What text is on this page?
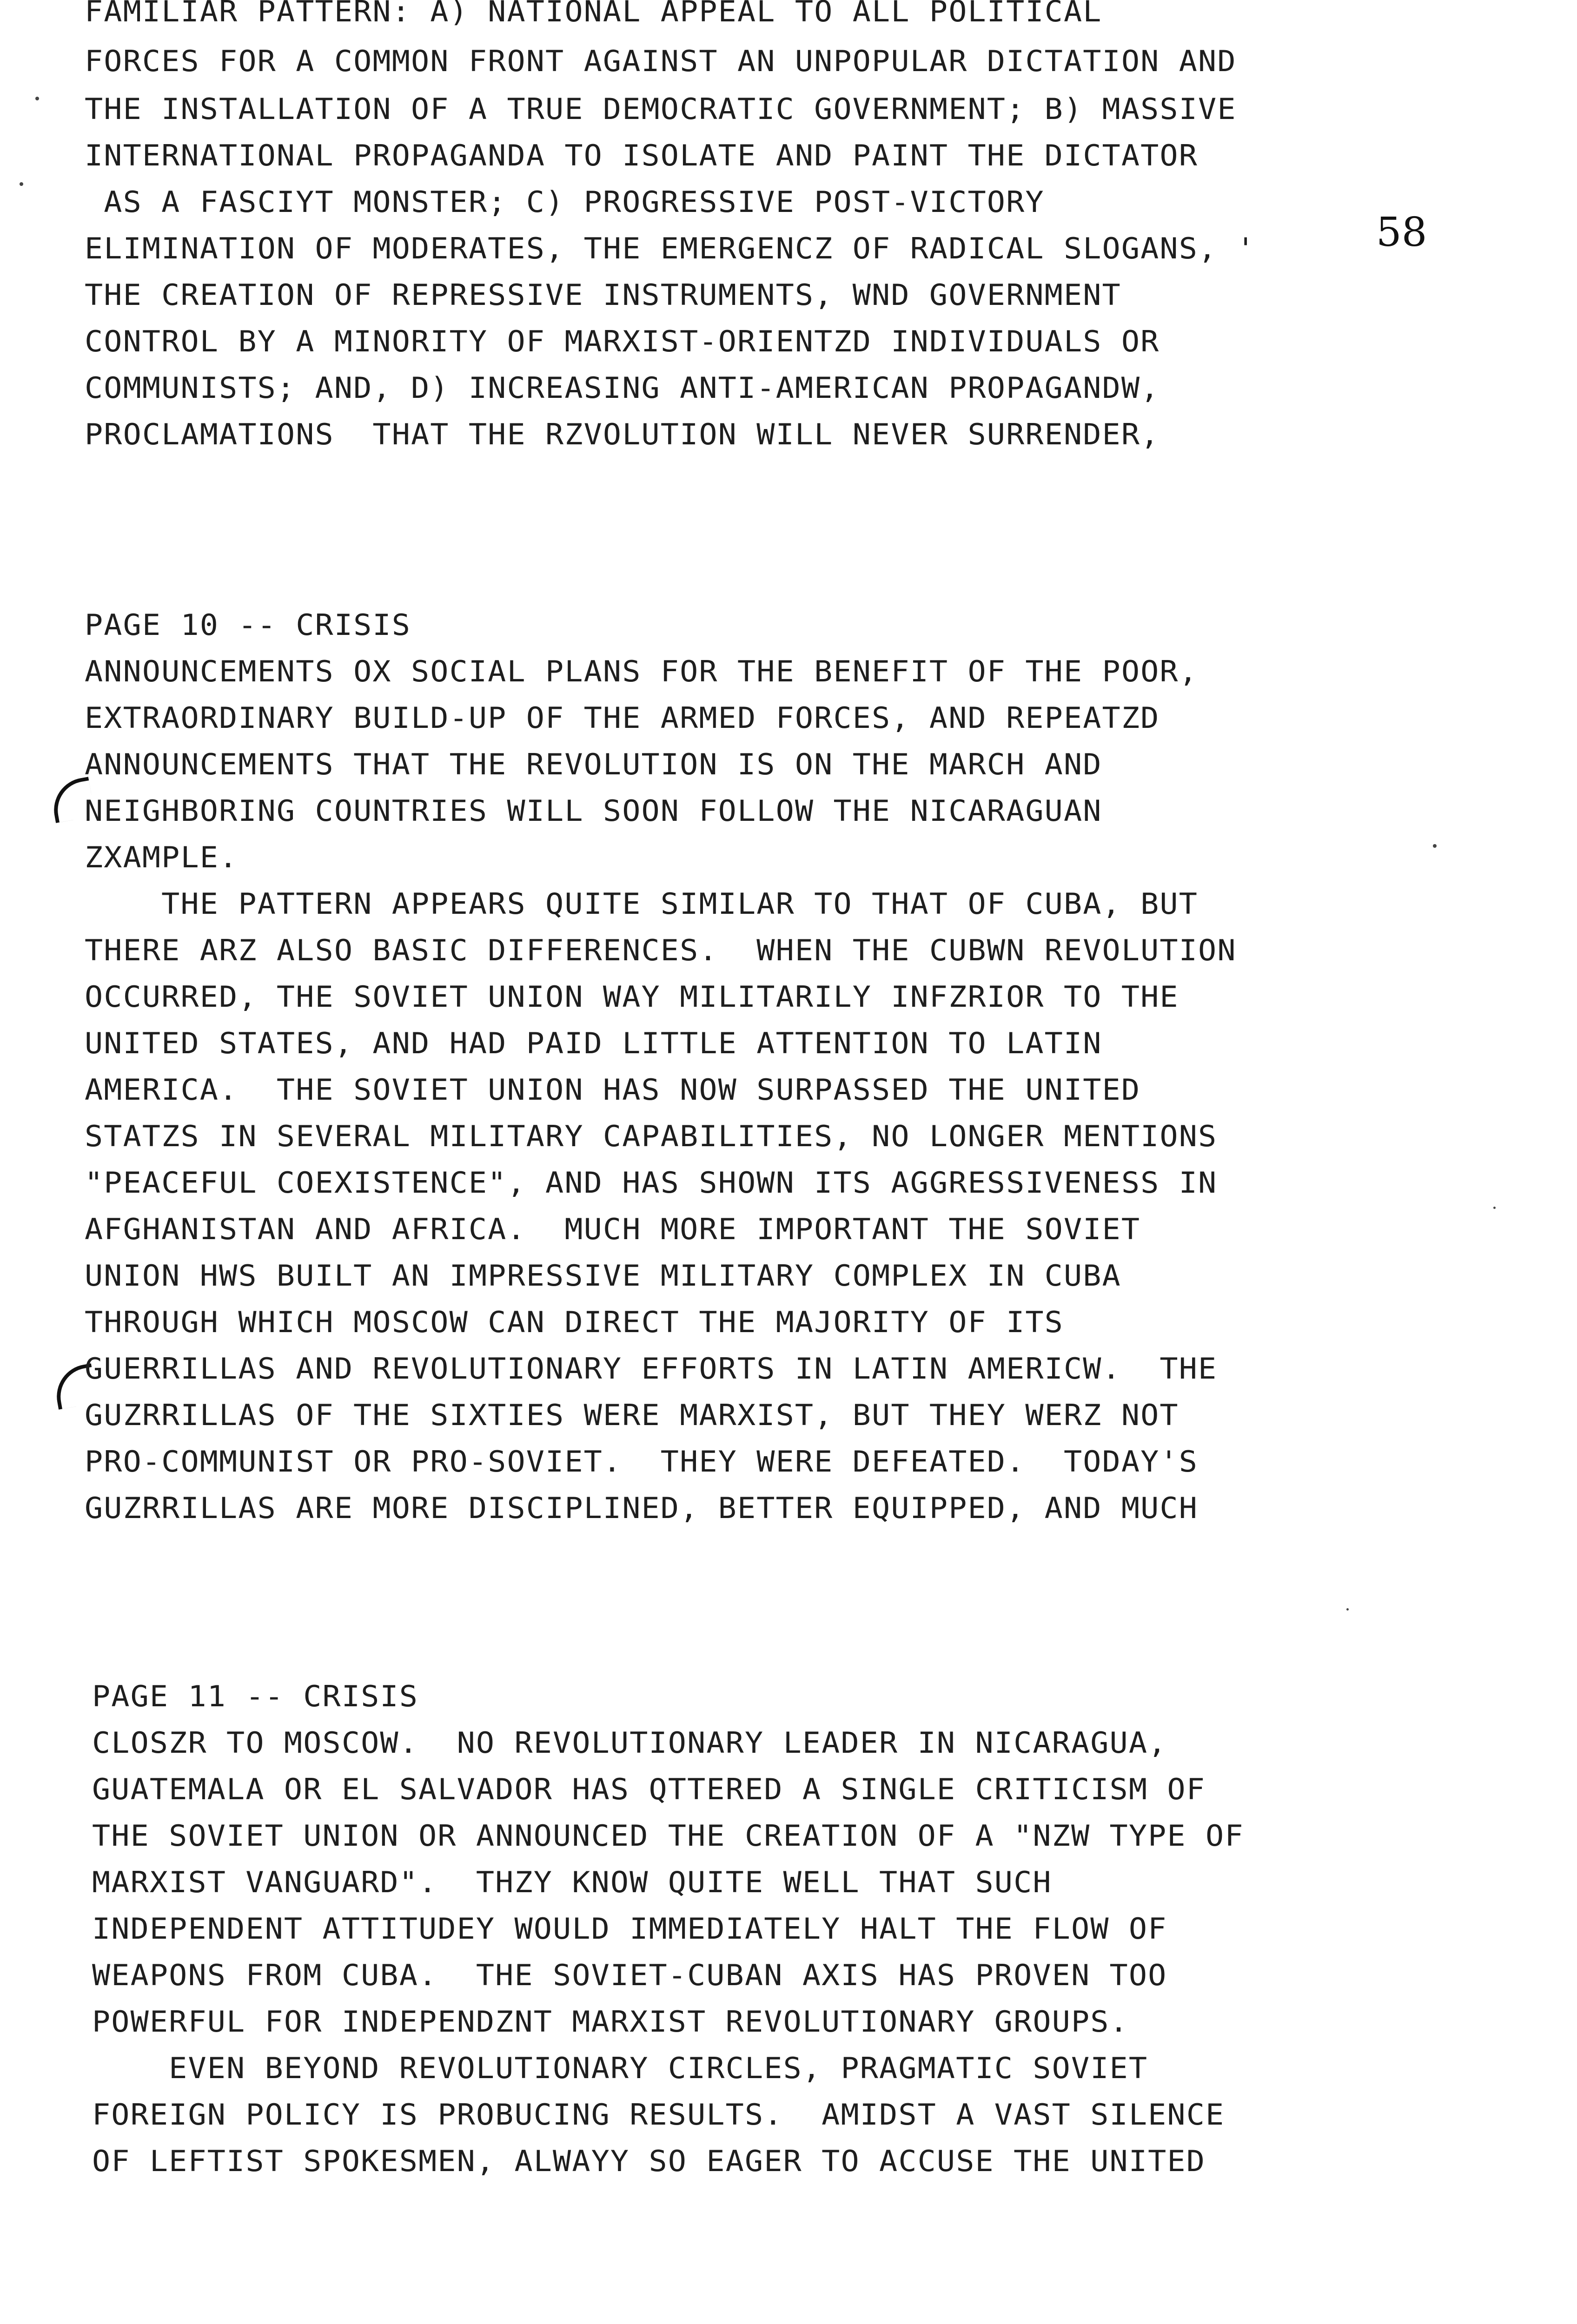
58
FAMILIAR PATTERN: A) NATIONAL APPEAL TO ALL POLITICAL
FORCES FOR A COMMON FRONT AGAINST AN UNPOPULAR DICTATION AND
THE INSTALLATION OF A TRUE DEMOCRATIC GOVERNMENT; B) MASSIVE
INTERNATIONAL PROPAGANDA TO ISOLATE AND PAINT THE DICTATOR
AS A FASCIYT MONSTER; C) PROGRESSIVE POST-VICTORY
ELIMINATION OF MODERATES, THE EMERGENCZ OF RADICAL SLOGANS, '
THE CREATION OF REPRESSIVE INSTRUMENTS, WND GOVERNMENT
CONTROL BY A MINORITY OF MARXIST-ORIENTZD INDIVIDUALS OR
COMMUNISTS; AND, D) INCREASING ANTI-AMERICAN PROPAGANDW,
PROCLAMATIONS  THAT THE RZVOLUTION WILL NEVER SURRENDER,
PAGE 10 -- CRISIS
ANNOUNCEMENTS OX SOCIAL PLANS FOR THE BENEFIT OF THE POOR,
EXTRAORDINARY BUILD-UP OF THE ARMED FORCES, AND REPEATZD
ANNOUNCEMENTS THAT THE REVOLUTION IS ON THE MARCH AND
NEIGHBORING COUNTRIES WILL SOON FOLLOW THE NICARAGUAN
ZXAMPLE.
THE PATTERN APPEARS QUITE SIMILAR TO THAT OF CUBA, BUT
THERE ARZ ALSO BASIC DIFFERENCES.  WHEN THE CUBWN REVOLUTION
OCCURRED, THE SOVIET UNION WAY MILITARILY INFZRIOR TO THE
UNITED STATES, AND HAD PAID LITTLE ATTENTION TO LATIN
AMERICA.  THE SOVIET UNION HAS NOW SURPASSED THE UNITED
STATZS IN SEVERAL MILITARY CAPABILITIES, NO LONGER MENTIONS
"PEACEFUL COEXISTENCE", AND HAS SHOWN ITS AGGRESSIVENESS IN
AFGHANISTAN AND AFRICA.  MUCH MORE IMPORTANT THE SOVIET
UNION HWS BUILT AN IMPRESSIVE MILITARY COMPLEX IN CUBA
THROUGH WHICH MOSCOW CAN DIRECT THE MAJORITY OF ITS
GUERRILLAS AND REVOLUTIONARY EFFORTS IN LATIN AMERICW.  THE
GUZRRILLAS OF THE SIXTIES WERE MARXIST, BUT THEY WERZ NOT
PRO-COMMUNIST OR PRO-SOVIET.  THEY WERE DEFEATED.  TODAY'S
GUZRRILLAS ARE MORE DISCIPLINED, BETTER EQUIPPED, AND MUCH
PAGE 11 -- CRISIS
CLOSZR TO MOSCOW.  NO REVOLUTIONARY LEADER IN NICARAGUA,
GUATEMALA OR EL SALVADOR HAS QTTERED A SINGLE CRITICISM OF
THE SOVIET UNION OR ANNOUNCED THE CREATION OF A "NZW TYPE OF
MARXIST VANGUARD".  THZY KNOW QUITE WELL THAT SUCH
INDEPENDENT ATTITUDEY WOULD IMMEDIATELY HALT THE FLOW OF
WEAPONS FROM CUBA.  THE SOVIET-CUBAN AXIS HAS PROVEN TOO
POWERFUL FOR INDEPENDZNT MARXIST REVOLUTIONARY GROUPS.
EVEN BEYOND REVOLUTIONARY CIRCLES, PRAGMATIC SOVIET
FOREIGN POLICY IS PROBUCING RESULTS.  AMIDST A VAST SILENCE
OF LEFTIST SPOKESMEN, ALWAYY SO EAGER TO ACCUSE THE UNITED
